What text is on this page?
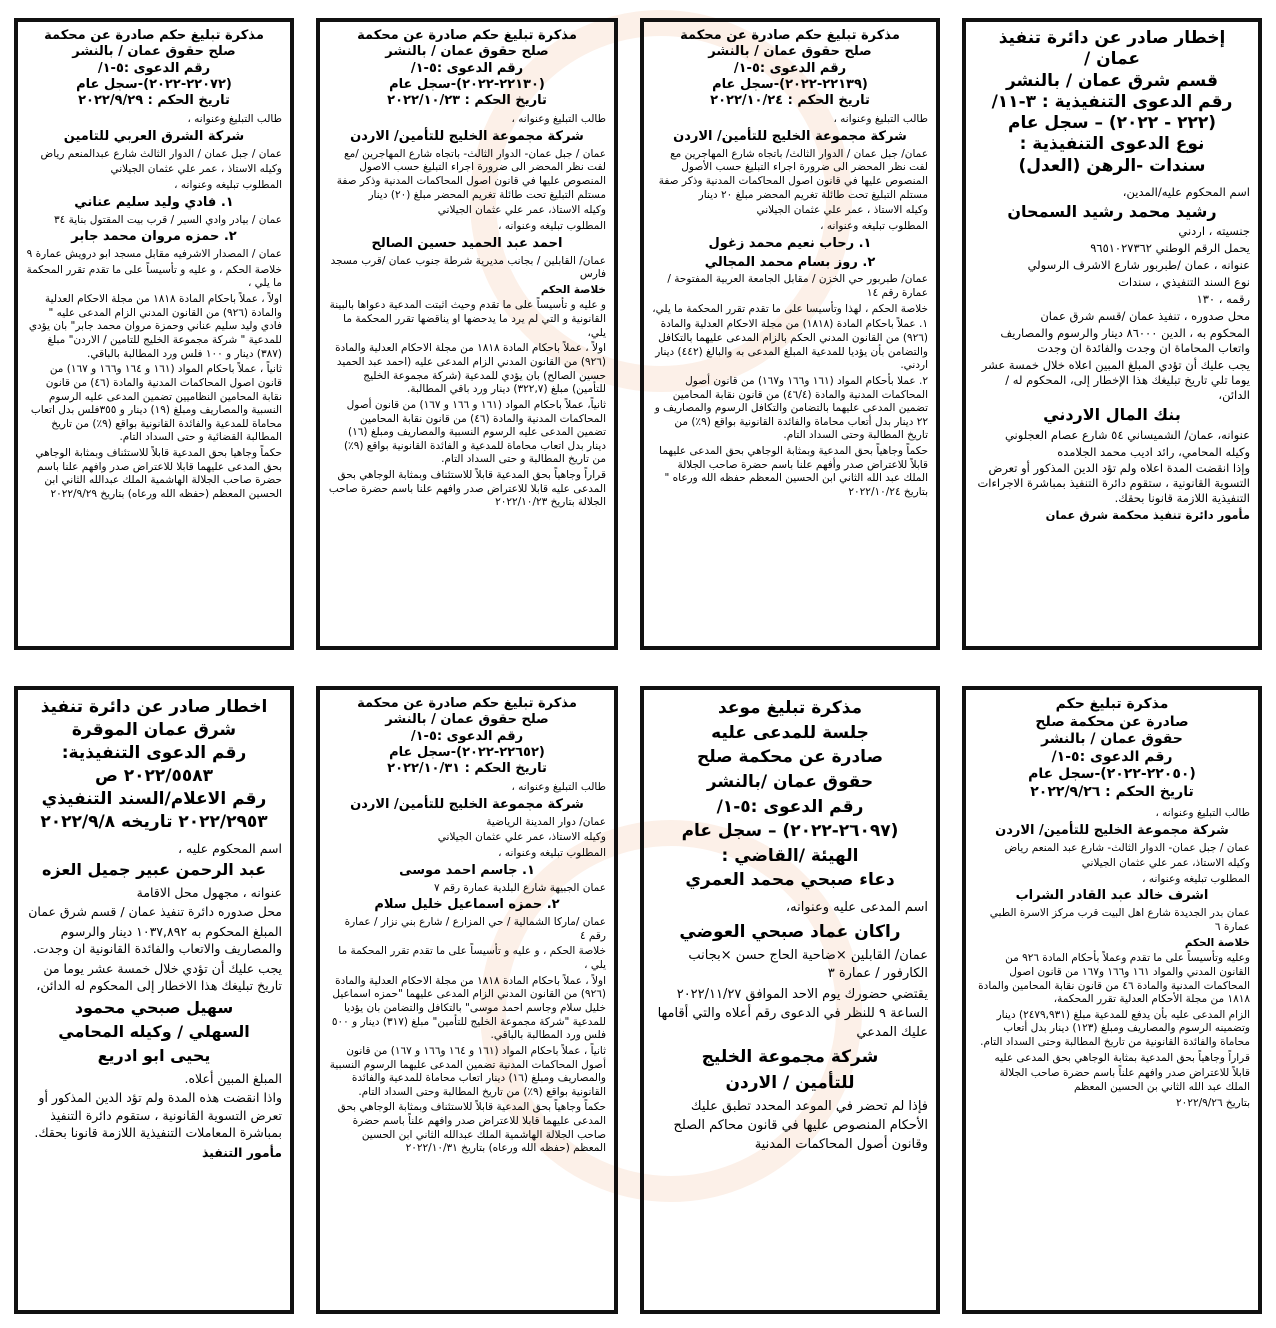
إخطار صادر عن دائرة تنفيذ عمان /
قسم شرق عمان / بالنشر
رقم الدعوى التنفيذية : ٣-١١/
(٢٢٢ - ٢٠٢٢) – سجل عام
نوع الدعوى التنفيذية :
سندات -الرهن (العدل)

اسم المحكوم عليه/المدين،

رشيد محمد رشيد السمحان

جنسيته ، اردني

يحمل الرقم الوطني ٩٦٥١٠٢٧٣٦٢

عنوانه ، عمان /طبربور شارع الاشرف الرسولي

نوع السند التنفيذي ، سندات

رقمه ، ١٣٠

محل صدوره ، تنفيذ عمان /قسم شرق عمان

المحكوم به ، الدين ٨٦٠٠٠ دينار والرسوم والمصاريف واتعاب المحاماة ان وجدت والفائدة ان وجدت

يجب عليك أن تؤدي المبلغ المبين اعلاه خلال خمسة عشر يوما تلي تاريخ تبليغك هذا الإخطار إلى، المحكوم له / الدائن،

بنك المال الاردني

عنوانه، عمان/ الشميساني ٥٤ شارع عصام العجلوني

وكيله المحامي، رائد اديب محمد الجلامده

وإذا انقضت المدة اعلاه ولم تؤد الدين المذكور أو تعرض التسوية القانونية ، ستقوم دائرة التنفيذ بمباشرة الاجراءات التنفيذية اللازمة قانونا بحقك.

مأمور دائرة تنفيذ محكمة شرق عمان

مذكرة تبليغ حكم صادرة عن محكمة
صلح حقوق عمان / بالنشر
رقم الدعوى :٥-١/
(٢٢١٣٩-٢٠٢٢)-سجل عام
تاريخ الحكم : ٢٠٢٢/١٠/٢٤

طالب التبليغ وعنوانه ،

شركة مجموعة الخليج للتأمين/ الاردن

عمان/ جبل عمان / الدوار الثالث/ باتجاه شارع المهاجرين مع لفت نظر المحضر الى ضرورة اجراء التبليغ حسب الأصول المنصوص عليها في قانون اصول المحاكمات المدنية وذكر صفة مستلم التبليغ تحت طائلة تغريم المحضر مبلغ ٢٠ دينار

وكيله الاستاذ ، عمر علي عثمان الجيلاني

المطلوب تبليغه وعنوانه ،

١. رحاب نعيم محمد زغول

٢. روز بسام محمد المجالي

عمان/ طبربور حي الخزن / مقابل الجامعة العربية المفتوحة / عمارة رقم ١٤

خلاصة الحكم ، لهذا وتأسيسا على ما تقدم تقرر المحكمة ما يلي،

١. عملاً باحكام المادة (١٨١٨) من مجلة الاحكام العدلية والمادة (٩٢٦) من القانون المدني الحكم بالزام المدعى عليهما بالتكافل والتضامن بأن يؤديا للمدعية المبلغ المدعى به والبالغ (٤٤٢) دينار اردني.

٢. عملا بأحكام المواد (١٦١ و١٦٦ و١٦٧) من قانون أصول المحاكمات المدنية والمادة (٤٦/٤) من قانون نقابة المحامين تضمين المدعى عليهما بالتضامن والتكافل الرسوم والمصاريف و ٢٢ دينار بدل أتعاب محاماة والفائدة القانونية بواقع (٩٪) من تاريخ المطالبة وحتى السداد التام.

حكماً وجاهياً بحق المدعية وبمثابة الوجاهي بحق المدعى عليهما قابلاً للاعتراض صدر وأفهم علنا باسم حضرة صاحب الجلالة الملك عبد الله الثاني ابن الحسين المعظم حفظه الله ورعاه " بتاريخ ٢٠٢٢/١٠/٢٤

مذكرة تبليغ حكم صادرة عن محكمة
صلح حقوق عمان / بالنشر
رقم الدعوى :٥-١/
(٢٢١٣٠-٢٠٢٢)-سجل عام
تاريخ الحكم : ٢٠٢٢/١٠/٢٣

طالب التبليغ وعنوانه ،

شركة مجموعة الخليج للتأمين/ الاردن

عمان / جبل عمان- الدوار الثالث- باتجاه شارع المهاجرين /مع لفت نظر المحضر الى ضرورة اجراء التبليغ حسب الاصول المنصوص عليها في قانون اصول المحاكمات المدنية وذكر صفة مستلم التبليغ تحت طائلة تغريم المحضر مبلغ (٢٠) دينار

وكيله الاستاذ، عمر علي عثمان الجيلاني

المطلوب تبليغه وعنوانه ،

احمد عبد الحميد حسين الصالح

عمان/ القابلين / بجانب مديرية شرطة جنوب عمان /قرب مسجد فارس

خلاصة الحكم

و عليه و تأسيساً على ما تقدم وحيث اثبتت المدعية دعواها بالبينة القانونية و التي لم يرد ما يدحضها او يناقضها تقرر المحكمة ما يلي،

اولاً ، عملاً باحكام المادة ١٨١٨ من مجلة الاحكام العدلية والمادة (٩٢٦) من القانون المدني الزام المدعى عليه (احمد عبد الحميد حسين الصالح) بان يؤدي للمدعية (شركة مجموعة الخليج للتأمين) مبلغ (٣٢٢,٧) دينار ورد باقي المطالبة.

ثانياً، عملاً باحكام المواد (١٦١ و ١٦٦ و ١٦٧) من قانون أصول المحاكمات المدنية والمادة (٤٦) من قانون نقابة المحامين تضمين المدعى عليه الرسوم النسبية والمصاريف ومبلغ (١٦) دينار بدل اتعاب محاماة للمدعية و الفائدة القانونية بواقع (٩٪) من تاريخ المطالبة و حتى السداد التام.

قراراً وجاهياً بحق المدعية قابلاً للاستئناف وبمثابة الوجاهي بحق المدعى عليه قابلا للاعتراض صدر وافهم علنا باسم حضرة صاحب الجلالة بتاريخ ٢٠٢٢/١٠/٢٣

مذكرة تبليغ حكم صادرة عن محكمة
صلح حقوق عمان / بالنشر
رقم الدعوى :٥-١/
(٢٢٠٧٢-٢٠٢٢)-سجل عام
تاريخ الحكم : ٢٠٢٢/٩/٢٩

طالب التبليغ وعنوانه ،

شركة الشرق العربي للتامين

عمان / جبل عمان / الدوار الثالث شارع عبدالمنعم رياض

وكيله الاستاذ ، عمر علي عثمان الجيلاني

المطلوب تبليغه وعنوانه ،

١. فادي وليد سليم عناني

عمان / بيادر وادي السير / قرب بيت المقتول بناية ٣٤

٢. حمزه مروان محمد جابر

عمان / المصدار الاشرفيه مقابل مسجد ابو درويش عمارة ٩

خلاصة الحكم ، و عليه و تأسيساً على ما تقدم تقرر المحكمة ما يلي ،

اولاً ، عملاً باحكام المادة ١٨١٨ من مجلة الاحكام العدلية والمادة (٩٢٦) من القانون المدني الزام المدعى عليه " فادي وليد سليم عناني وحمزة مروان محمد جابر" بان يؤدي للمدعية " شركة مجموعة الخليج للتامين / الاردن" مبلغ (٣٨٧) دينار و ١٠٠ فلس ورد المطالبة بالباقي.

ثانياً ، عملاً باحكام المواد (١٦١ و ١٦٤ و١٦٦ و ١٦٧) من قانون اصول المحاكمات المدنية والمادة (٤٦) من قانون نقابة المحامين النظاميين تضمين المدعى عليه الرسوم النسبية والمصاريف ومبلغ (١٩) دينار و ٣٥٥فلس بدل اتعاب محاماة للمدعية والفائدة القانونية بواقع (٩٪) من تاريخ المطالبة القضائية و حتى السداد التام.

حكماً وجاهيا بحق المدعية قابلاً للاستئناف وبمثابة الوجاهي بحق المدعى عليهما قابلا للاعتراض صدر وافهم علنا باسم حضرة صاحب الجلالة الهاشمية الملك عبدالله الثاني ابن الحسين المعظم (حفظه الله ورعاه) بتاريخ ٢٠٢٢/٩/٢٩

مذكرة تبليغ حكم
صادرة عن محكمة صلح
حقوق عمان / بالنشر
رقم الدعوى :٥-١/
(٢٢٠٥٠-٢٠٢٢)-سجل عام
تاريخ الحكم : ٢٠٢٢/٩/٢٦

طالب التبليغ وعنوانه ،

شركة مجموعة الخليج للتأمين/ الاردن

عمان / جبل عمان- الدوار الثالث- شارع عبد المنعم رياض

وكيله الاستاذ، عمر علي عثمان الجيلاني

المطلوب تبليغه وعنوانه ،

اشرف خالد عبد القادر الشراب

عمان بدر الجديدة شارع اهل البيت قرب مركز الاسرة الطبي عمارة ٦

خلاصة الحكم

وعليه وتأسيساً على ما تقدم وعملاً بأحكام المادة ٩٢٦ من القانون المدني والمواد ١٦١ و١٦٦ و١٦٧ من قانون اصول المحاكمات المدنية والمادة ٤٦ من قانون نقابة المحامين والمادة ١٨١٨ من مجلة الأحكام العدلية تقرر المحكمة،

الزام المدعى عليه بأن يدفع للمدعية مبلغ (٢٤٧٩,٩٣١) دينار وتضمينه الرسوم والمصاريف ومبلغ (١٢٣) دينار بدل أتعاب محاماة والفائدة القانونية من تاريخ المطالبة وحتى السداد التام.

قراراً وجاهياً بحق المدعية بمثابة الوجاهي بحق المدعى عليه

قابلاً للاعتراض صدر وافهم علناً باسم حضرة صاحب الجلالة الملك عبد الله الثاني بن الحسين المعظم

بتاريخ ٢٠٢٢/٩/٢٦

مذكرة تبليغ موعد
جلسة للمدعى عليه
صادرة عن محكمة صلح
حقوق عمان /بالنشر
رقم الدعوى :٥-١/
(٢٦٠٩٧-٢٠٢٢) – سجل عام
الهيئة /القاضي :
دعاء صبحي محمد العمري

اسم المدعى عليه وعنوانه،

راكان عماد صبحي العوضي

عمان/ القابلين ×ضاحية الحاج حسن ×بجانب الكارفور / عمارة ٣

يقتضي حضورك يوم الاحد الموافق ٢٠٢٢/١١/٢٧ الساعة ٩ للنظر في الدعوى رقم أعلاه والتي أقامها عليك المدعي

شركة مجموعة الخليج

للتأمين / الاردن

فإذا لم تحضر في الموعد المحدد تطبق عليك الأحكام المنصوص عليها في قانون محاكم الصلح وقانون أصول المحاكمات المدنية

مذكرة تبليغ حكم صادرة عن محكمة
صلح حقوق عمان / بالنشر
رقم الدعوى :٥-١/
(٢٢٦٥٢-٢٠٢٢)-سجل عام
تاريخ الحكم : ٢٠٢٢/١٠/٣١

طالب التبليغ وعنوانه ،

شركة مجموعة الخليج للتأمين/ الاردن

عمان/ دوار المدينة الرياضية

وكيله الاستاذ، عمر علي عثمان الجيلاني

المطلوب تبليغه وعنوانه ،

١. جاسم احمد موسى

عمان الجبيهة شارع البلدية عمارة رقم ٧

٢. حمزه اسماعيل خليل سلام

عمان /ماركا الشمالية / حي المزارع / شارع بني نزار / عمارة رقم ٤

خلاصة الحكم ، و عليه و تأسيساً على ما تقدم تقرر المحكمة ما يلي ،

اولاً ، عملاً باحكام المادة ١٨١٨ من مجلة الاحكام العدلية والمادة (٩٢٦) من القانون المدني الزام المدعى عليهما "حمزه اسماعيل خليل سلام وجاسم احمد موسى" بالتكافل والتضامن بان يؤديا للمدعية "شركة مجموعة الخليج للتأمين" مبلغ (٣١٧) دينار و ٥٠٠ فلس ورد المطالبة بالباقي.

ثانياً ، عملاً باحكام المواد (١٦١ و ١٦٤ و١٦٦ و ١٦٧) من قانون أصول المحاكمات المدنية تضمين المدعى عليهما الرسوم النسبية والمصاريف ومبلغ (١٦) دينار اتعاب محاماة للمدعية والفائدة القانونية بواقع (٩٪) من تاريخ المطالبة وحتى السداد التام.

حكماً وجاهياً بحق المدعية قابلاً للاستئناف وبمثابة الوجاهي بحق المدعى عليهما قابلا للاعتراض صدر وافهم علناً باسم حضرة صاحب الجلالة الهاشمية الملك عبدالله الثاني ابن الحسين المعظم (حفظه الله ورعاه) بتاريخ ٢٠٢٢/١٠/٣١

اخطار صادر عن دائرة تنفيذ
شرق عمان الموقرة
رقم الدعوى التنفيذية:
٢٠٢٢/٥٥٨٣ ص
رقم الاعلام/السند التنفيذي
٢٠٢٢/٢٩٥٣ تاريخه ٢٠٢٢/٩/٨

اسم المحكوم عليه ،

عبد الرحمن عبير جميل العزه

عنوانه ، مجهول محل الاقامة

محل صدوره دائرة تنفيذ عمان / قسم شرق عمان

المبلغ المحكوم به ١٠٣٧,٨٩٢ دينار والرسوم والمصاريف والاتعاب والفائدة القانونية ان وجدت.

يجب عليك أن تؤدي خلال خمسة عشر يوما من تاريخ تبليغك هذا الاخطار إلى المحكوم له الدائن،

سهيل صبحي محمود

السهلي / وكيله المحامي

يحيى ابو ادريع

المبلغ المبين أعلاه.

واذا انقضت هذه المدة ولم تؤد الدين المذكور أو تعرض التسوية القانونية ، ستقوم دائرة التنفيذ بمباشرة المعاملات التنفيذية اللازمة قانونا بحقك.

مأمور التنفيذ
